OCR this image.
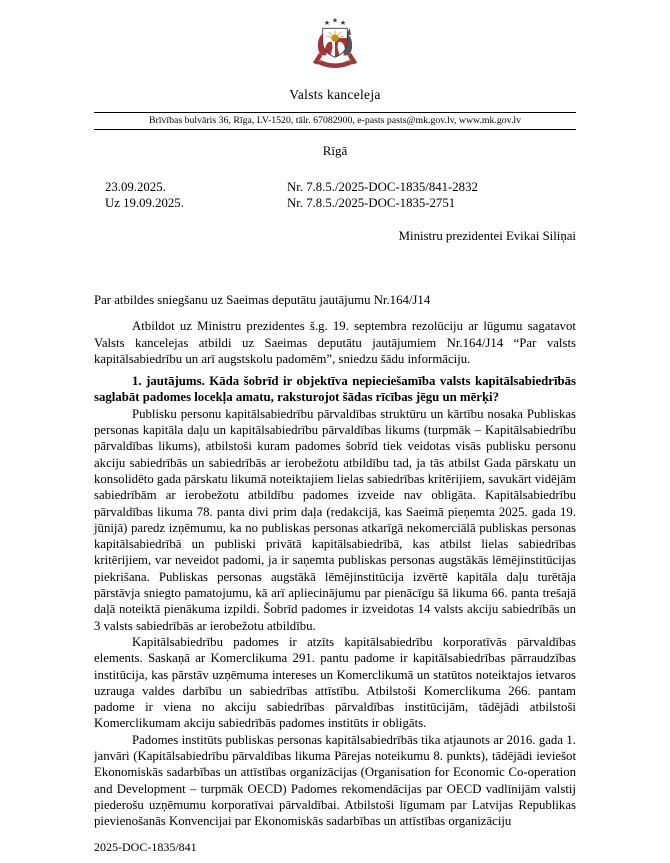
Valsts kanceleja
Brīvības bulvāris 36, Rīga, LV-1520, tālr. 67082900, e-pasts pasts@mk.gov.lv, www.mk.gov.lv
Rīgā
23.09.2025.	Nr. 7.8.5./2025-DOC-1835/841-2832
Uz 19.09.2025.	Nr. 7.8.5./2025-DOC-1835-2751
Ministru prezidentei Evikai Siliņai

Par atbildes sniegšanu uz Saeimas deputātu jautājumu Nr.164/J14

Atbildot uz Ministru prezidentes š.g. 19. septembra rezolūciju ar lūgumu sagatavot Valsts kancelejas atbildi uz Saeimas deputātu jautājumiem Nr.164/J14 “Par valsts kapitālsabiedrību un arī augstskolu padomēm”, sniedzu šādu informāciju.

1. jautājums. Kāda šobrīd ir objektīva nepieciešamība valsts kapitālsabiedrībās saglabāt padomes locekļa amatu, raksturojot šādas rīcības jēgu un mērķi?

Publisku personu kapitālsabiedrību pārvaldības struktūru un kārtību nosaka Publiskas personas kapitāla daļu un kapitālsabiedrību pārvaldības likums (turpmāk – Kapitālsabiedrību pārvaldības likums), atbilstoši kuram padomes šobrīd tiek veidotas visās publisku personu akciju sabiedrībās un sabiedrībās ar ierobežotu atbildību tad, ja tās atbilst Gada pārskatu un konsolidēto gada pārskatu likumā noteiktajiem lielas sabiedrības kritērijiem, savukārt vidējām sabiedrībām ar ierobežotu atbildību padomes izveide nav obligāta. Kapitālsabiedrību pārvaldības likuma 78. panta divi prim daļa (redakcijā, kas Saeimā pieņemta 2025. gada 19. jūnijā) paredz izņēmumu, ka no publiskas personas atkarīgā nekomerciālā publiskas personas kapitālsabiedrībā un publiski privātā kapitālsabiedrībā, kas atbilst lielas sabiedrības kritērijiem, var neveidot padomi, ja ir saņemta publiskas personas augstākās lēmējinstitūcijas piekrišana. Publiskas personas augstākā lēmējinstitūcija izvērtē kapitāla daļu turētāja pārstāvja sniegto pamatojumu, kā arī apliecinājumu par pienācīgu šā likuma 66. panta trešajā daļā noteiktā pienākuma izpildi. Šobrīd padomes ir izveidotas 14 valsts akciju sabiedrībās un 3 valsts sabiedrībās ar ierobežotu atbildību.

Kapitālsabiedrību padomes ir atzīts kapitālsabiedrību korporatīvās pārvaldības elements. Saskaņā ar Komerclikuma 291. pantu padome ir kapitālsabiedrības pārraudzības institūcija, kas pārstāv uzņēmuma intereses un Komerclikumā un statūtos noteiktajos ietvaros uzrauga valdes darbību un sabiedrības attīstību. Atbilstoši Komerclikuma 266. pantam padome ir viena no akciju sabiedrības pārvaldības institūcijām, tādējādi atbilstoši Komerclikumam akciju sabiedrībās padomes institūts ir obligāts.

Padomes institūts publiskas personas kapitālsabiedrībās tika atjaunots ar 2016. gada 1. janvāri (Kapitālsabiedrību pārvaldības likuma Pārejas noteikumu 8. punkts), tādējādi ieviešot Ekonomiskās sadarbības un attīstības organizācijas (Organisation for Economic Co-operation and Development – turpmāk OECD) Padomes rekomendācijas par OECD vadlīnijām valstij piederošu uzņēmumu korporatīvai pārvaldībai. Atbilstoši līgumam par Latvijas Republikas pievienošanās Konvencijai par Ekonomiskās sadarbības un attīstības organizāciju

2025-DOC-1835/841
